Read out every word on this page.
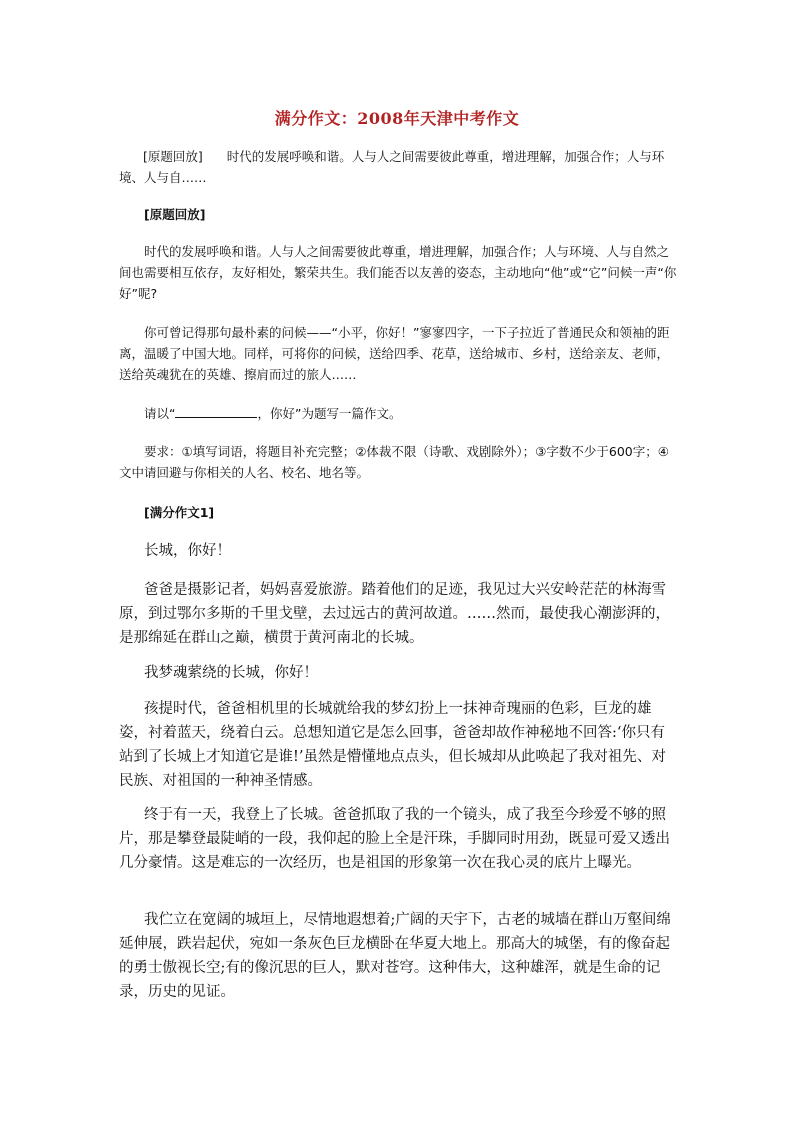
满分作文：2008年天津中考作文

[原题回放] 时代的发展呼唤和谐。人与人之间需要彼此尊重，增进理解，加强合作；人与环境、人与自……

[原题回放]

时代的发展呼唤和谐。人与人之间需要彼此尊重，增进理解，加强合作；人与环境、人与自然之间也需要相互依存，友好相处，繁荣共生。我们能否以友善的姿态，主动地向“他”或“它”问候一声“你好”呢?

你可曾记得那句最朴素的问候——“小平，你好！”寥寥四字，一下子拉近了普通民众和领袖的距离，温暖了中国大地。同样，可将你的问候，送给四季、花草，送给城市、乡村，送给亲友、老师，送给英魂犹在的英雄、擦肩而过的旅人……

请以“	，你好”为题写一篇作文。

要求：①填写词语，将题目补充完整；②体裁不限（诗歌、戏剧除外）；③字数不少于600字；④文中请回避与你相关的人名、校名、地名等。

[满分作文1]

长城，你好！

爸爸是摄影记者，妈妈喜爱旅游。踏着他们的足迹，我见过大兴安岭茫茫的林海雪原，到过鄂尔多斯的千里戈壁，去过远古的黄河故道。……然而，最使我心潮澎湃的，是那绵延在群山之巅，横贯于黄河南北的长城。

我梦魂萦绕的长城，你好！

孩提时代，爸爸相机里的长城就给我的梦幻扮上一抹神奇瑰丽的色彩，巨龙的雄姿，衬着蓝天，绕着白云。总想知道它是怎么回事，爸爸却故作神秘地不回答:‘你只有站到了长城上才知道它是谁!’虽然是懵懂地点点头，但长城却从此唤起了我对祖先、对民族、对祖国的一种神圣情感。

终于有一天，我登上了长城。爸爸抓取了我的一个镜头，成了我至今珍爱不够的照片，那是攀登最陡峭的一段，我仰起的脸上全是汗珠，手脚同时用劲，既显可爱又透出几分豪情。这是难忘的一次经历，也是祖国的形象第一次在我心灵的底片上曝光。

我伫立在宽阔的城垣上，尽情地遐想着;广阔的天宇下，古老的城墙在群山万壑间绵延伸展，跌岩起伏，宛如一条灰色巨龙横卧在华夏大地上。那高大的城堡，有的像奋起的勇士傲视长空;有的像沉思的巨人，默对苍穹。这种伟大，这种雄浑，就是生命的记录，历史的见证。
